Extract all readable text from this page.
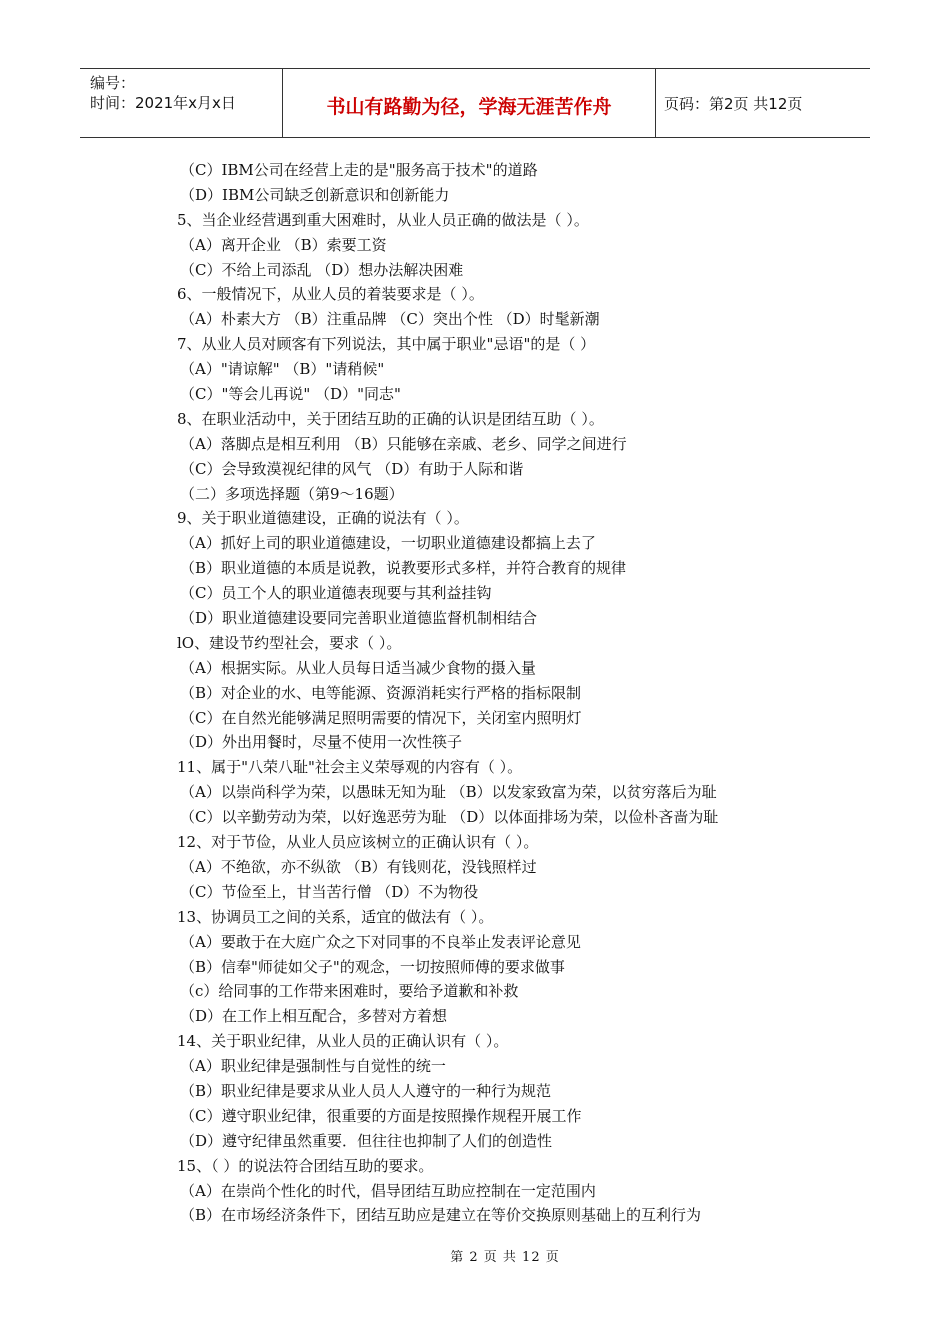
编号：
时间：2021年x月x日	书山有路勤为径，学海无涯苦作舟	页码：第2页 共12页
（C）IBM公司在经营上走的是"服务高于技术"的道路
（D）IBM公司缺乏创新意识和创新能力
5、当企业经营遇到重大困难时，从业人员正确的做法是（ ）。
（A）离开企业 （B）索要工资
（C）不给上司添乱 （D）想办法解决困难
6、一般情况下，从业人员的着装要求是（ ）。
（A）朴素大方 （B）注重品牌 （C）突出个性 （D）时髦新潮
7、从业人员对顾客有下列说法，其中属于职业"忌语"的是（ ）
（A）"请谅解" （B）"请稍候"
（C）"等会儿再说" （D）"同志"
8、在职业活动中，关于团结互助的正确的认识是团结互助（ ）。
（A）落脚点是相互利用 （B）只能够在亲戚、老乡、同学之间进行
（C）会导致漠视纪律的风气 （D）有助于人际和谐
（二）多项选择题（第9～16题）
9、关于职业道德建设，正确的说法有（ ）。
（A）抓好上司的职业道德建设，一切职业道德建设都搞上去了
（B）职业道德的本质是说教，说教要形式多样，并符合教育的规律
（C）员工个人的职业道德表现要与其利益挂钩
（D）职业道德建设要同完善职业道德监督机制相结合
lO、建设节约型社会，要求（ ）。
（A）根据实际。从业人员每日适当减少食物的摄入量
（B）对企业的水、电等能源、资源消耗实行严格的指标限制
（C）在自然光能够满足照明需要的情况下，关闭室内照明灯
（D）外出用餐时，尽量不使用一次性筷子
11、属于"八荣八耻"社会主义荣辱观的内容有（ ）。
（A）以崇尚科学为荣，以愚昧无知为耻 （B）以发家致富为荣，以贫穷落后为耻
（C）以辛勤劳动为荣，以好逸恶劳为耻 （D）以体面排场为荣，以俭朴吝啬为耻
12、对于节俭，从业人员应该树立的正确认识有（ ）。
（A）不绝欲，亦不纵欲 （B）有钱则花，没钱照样过
（C）节俭至上，甘当苦行僧 （D）不为物役
13、协调员工之间的关系，适宜的做法有（ ）。
（A）要敢于在大庭广众之下对同事的不良举止发表评论意见
（B）信奉"师徒如父子"的观念，一切按照师傅的要求做事
（c）给同事的工作带来困难时，要给予道歉和补救
（D）在工作上相互配合，多替对方着想
14、关于职业纪律，从业人员的正确认识有（ ）。
（A）职业纪律是强制性与自觉性的统一
（B）职业纪律是要求从业人员人人遵守的一种行为规范
（C）遵守职业纪律，很重要的方面是按照操作规程开展工作
（D）遵守纪律虽然重要．但往往也抑制了人们的创造性
15、（ ）的说法符合团结互助的要求。
（A）在崇尚个性化的时代，倡导团结互助应控制在一定范围内
（B）在市场经济条件下，团结互助应是建立在等价交换原则基础上的互利行为
第 2 页 共 12 页
